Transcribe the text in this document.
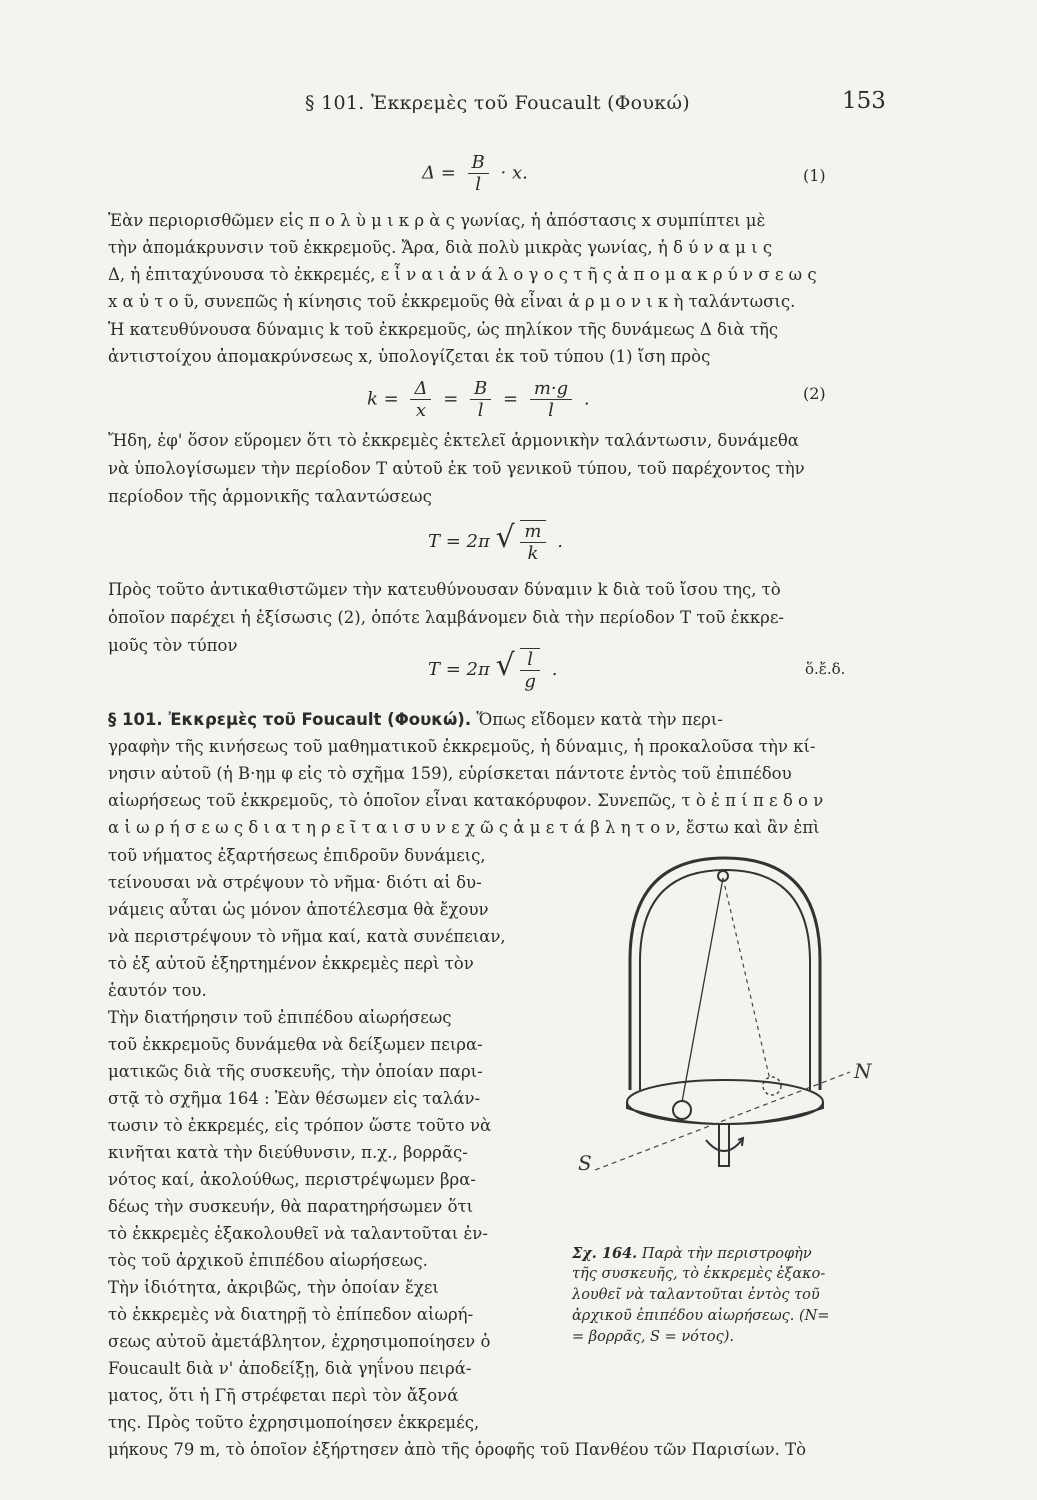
§ 101. Ἐκκρεμὲς τοῦ Foucault (Φουκώ)	153
$\Delta = \frac{B}{l} \cdot x$.	(1)
Ἐὰν περιορισθῶμεν εἰς π ο λ ὺ μ ι κ ρ ὰ ς γωνίας, ἡ ἀπόστασις x συμπίπτει μὲ
τὴν ἀπομάκρυνσιν τοῦ ἐκκρεμοῦς. Ἄρα, διὰ πολὺ μικρὰς γωνίας, ἡ δ ύ ν α μ ι ς
Δ, ἡ ἐπιταχύνουσα τὸ ἐκκρεμές, ε ἶ ν α ι ἀ ν ά λ ο γ ο ς τ ῆ ς ἀ π ο μ α κ ρ ύ ν σ ε ω ς
x α ὐ τ ο ῦ, συνεπῶς ἡ κίνησις τοῦ ἐκκρεμοῦς θὰ εἶναι ἁ ρ μ ο ν ι κ ὴ ταλάντωσις.
Ἡ κατευθύνουσα δύναμις k τοῦ ἐκκρεμοῦς, ὡς πηλίκον τῆς δυνάμεως Δ διὰ τῆς
ἀντιστοίχου ἀπομακρύνσεως x, ὑπολογίζεται ἐκ τοῦ τύπου (1) ἴση πρὸς
$k = \frac{\Delta}{x} = \frac{B}{l} = \frac{m\cdot g}{l}$ .	(2)
Ἤδη, ἐφ' ὅσον εὕρομεν ὅτι τὸ ἐκκρεμὲς ἐκτελεῖ ἁρμονικὴν ταλάντωσιν, δυνάμεθα
νὰ ὑπολογίσωμεν τὴν περίοδον T αὐτοῦ ἐκ τοῦ γενικοῦ τύπου, τοῦ παρέχοντος τὴν
περίοδον τῆς ἁρμονικῆς ταλαντώσεως
T = 2π √ $\frac{m}{k}$ .
Πρὸς τοῦτο ἀντικαθιστῶμεν τὴν κατευθύνουσαν δύναμιν k διὰ τοῦ ἴσου της, τὸ
ὁποῖον παρέχει ἡ ἐξίσωσις (2), ὁπότε λαμβάνομεν διὰ τὴν περίοδον T τοῦ ἐκκρε-
μοῦς τὸν τύπον
T = 2π √ $\frac{l}{g}$ .	ὅ.ἔ.δ.
§ 101. Ἐκκρεμὲς τοῦ Foucault (Φουκώ). Ὅπως εἴδομεν κατὰ τὴν περι-
γραφὴν τῆς κινήσεως τοῦ μαθηματικοῦ ἐκκρεμοῦς, ἡ δύναμις, ἡ προκαλοῦσα τὴν κί-
νησιν αὐτοῦ (ἡ B·ημ φ εἰς τὸ σχῆμα 159), εὑρίσκεται πάντοτε ἐντὸς τοῦ ἐπιπέδου
αἰωρήσεως τοῦ ἐκκρεμοῦς, τὸ ὁποῖον εἶναι κατακόρυφον. Συνεπῶς, τ ὸ ἐ π ί π ε δ ο ν
α ἰ ω ρ ή σ ε ω ς δ ι α τ η ρ ε ῖ τ α ι σ υ ν ε χ ῶ ς ἀ μ ε τ ά β λ η τ ο ν, ἔστω καὶ ἂν ἐπὶ
τοῦ νήματος ἐξαρτήσεως ἐπιδροῦν δυνάμεις,
τείνουσαι νὰ στρέψουν τὸ νῆμα· διότι αἱ δυ-
νάμεις αὗται ὡς μόνον ἀποτέλεσμα θὰ ἔχουν
νὰ περιστρέψουν τὸ νῆμα καί, κατὰ συνέπειαν,
τὸ ἐξ αὐτοῦ ἐξηρτημένον ἐκκρεμὲς περὶ τὸν
ἑαυτόν του.
Τὴν διατήρησιν τοῦ ἐπιπέδου αἰωρήσεως
τοῦ ἐκκρεμοῦς δυνάμεθα νὰ δείξωμεν πειρα-
ματικῶς διὰ τῆς συσκευῆς, τὴν ὁποίαν παρι-
στᾷ τὸ σχῆμα 164 : Ἐὰν θέσωμεν εἰς ταλάν-
τωσιν τὸ ἐκκρεμές, εἰς τρόπον ὥστε τοῦτο νὰ
κινῆται κατὰ τὴν διεύθυνσιν, π.χ., βορρᾶς-
νότος καί, ἀκολούθως, περιστρέψωμεν βρα-
δέως τὴν συσκευήν, θὰ παρατηρήσωμεν ὅτι
τὸ ἐκκρεμὲς ἐξακολουθεῖ νὰ ταλαντοῦται ἐν-
τὸς τοῦ ἀρχικοῦ ἐπιπέδου αἰωρήσεως.
Τὴν ἰδιότητα, ἀκριβῶς, τὴν ὁποίαν ἔχει
τὸ ἐκκρεμὲς νὰ διατηρῇ τὸ ἐπίπεδον αἰωρή-
σεως αὐτοῦ ἀμετάβλητον, ἐχρησιμοποίησεν ὁ
Foucault διὰ ν' ἀποδείξῃ, διὰ γηΐνου πειρά-
ματος, ὅτι ἡ Γῆ στρέφεται περὶ τὸν ἄξονά
της. Πρὸς τοῦτο ἐχρησιμοποίησεν ἐκκρεμές,
μήκους 79 m, τὸ ὁποῖον ἐξήρτησεν ἀπὸ τῆς ὀροφῆς τοῦ Πανθέου τῶν Παρισίων. Τὸ
N
S
Σχ. 164. Παρὰ τὴν περιστροφὴν
τῆς συσκευῆς, τὸ ἐκκρεμὲς ἐξακο-
λουθεῖ νὰ ταλαντοῦται ἐντὸς τοῦ
ἀρχικοῦ ἐπιπέδου αἰωρήσεως. (N=
= βορρᾶς, S = νότος).
